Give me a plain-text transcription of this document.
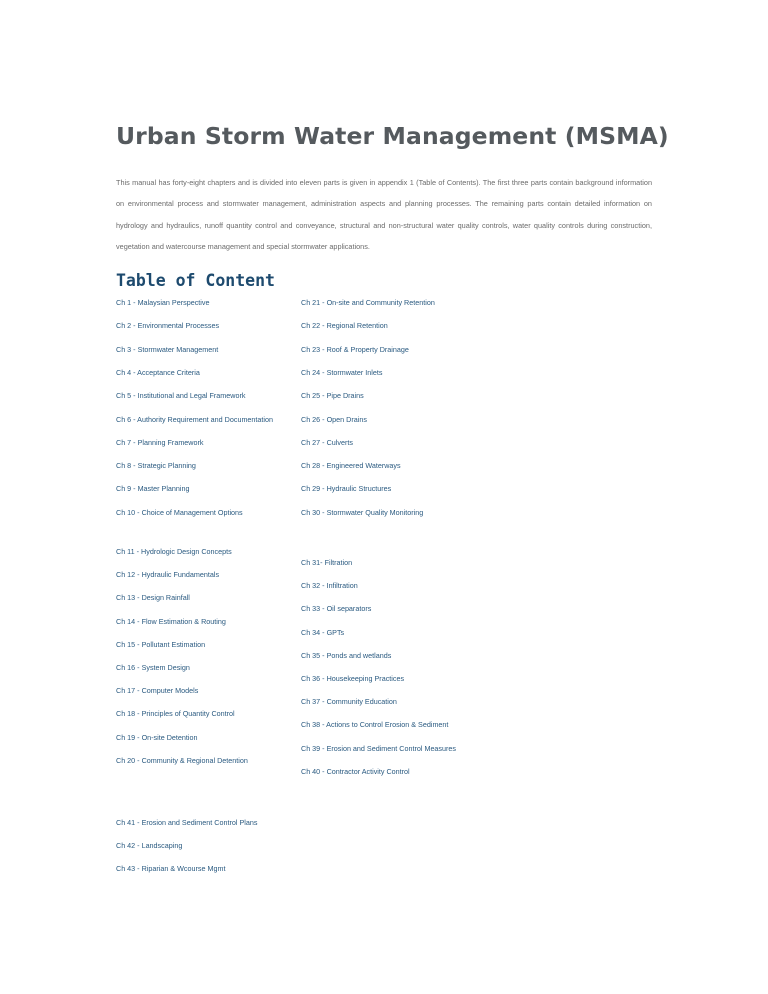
Urban Storm Water Management (MSMA)

This manual has forty-eight chapters and is divided into eleven parts is given in appendix 1 (Table of Contents). The first three parts contain background information on environmental process and stormwater management, administration aspects and planning processes. The remaining parts contain detailed information on hydrology and hydraulics, runoff quantity control and conveyance, structural and non-structural water quality controls, water quality controls during construction, vegetation and watercourse management and special stormwater applications.

Table of Content
Ch 1 - Malaysian Perspective
Ch 2 - Environmental Processes
Ch 3 - Stormwater Management
Ch 4 - Acceptance Criteria
Ch 5 - Institutional and Legal Framework
Ch 6 - Authority Requirement and Documentation
Ch 7 - Planning Framework
Ch 8 - Strategic Planning
Ch 9 - Master Planning
Ch 10 - Choice of Management Options
Ch 21 - On-site and Community Retention
Ch 22 - Regional Retention
Ch 23 - Roof & Property Drainage
Ch 24 - Stormwater Inlets
Ch 25 - Pipe Drains
Ch 26 - Open Drains
Ch 27 - Culverts
Ch 28 - Engineered Waterways
Ch 29 - Hydraulic Structures
Ch 30 - Stormwater Quality Monitoring
Ch 11 - Hydrologic Design Concepts
Ch 12 - Hydraulic Fundamentals
Ch 13 - Design Rainfall
Ch 14 - Flow Estimation & Routing
Ch 15 - Pollutant Estimation
Ch 16 - System Design
Ch 17 - Computer Models
Ch 18 - Principles of Quantity Control
Ch 19 - On-site Detention
Ch 20 - Community & Regional Detention
Ch 31- Filtration
Ch 32 - Infiltration
Ch 33 - Oil separators
Ch 34 - GPTs
Ch 35 - Ponds and wetlands
Ch 36 - Housekeeping Practices
Ch 37 - Community Education
Ch 38 - Actions to Control Erosion & Sediment
Ch 39 - Erosion and Sediment Control Measures
Ch 40 - Contractor Activity Control
Ch 41 - Erosion and Sediment Control Plans
Ch 42 - Landscaping
Ch 43 - Riparian & Wcourse Mgmt
